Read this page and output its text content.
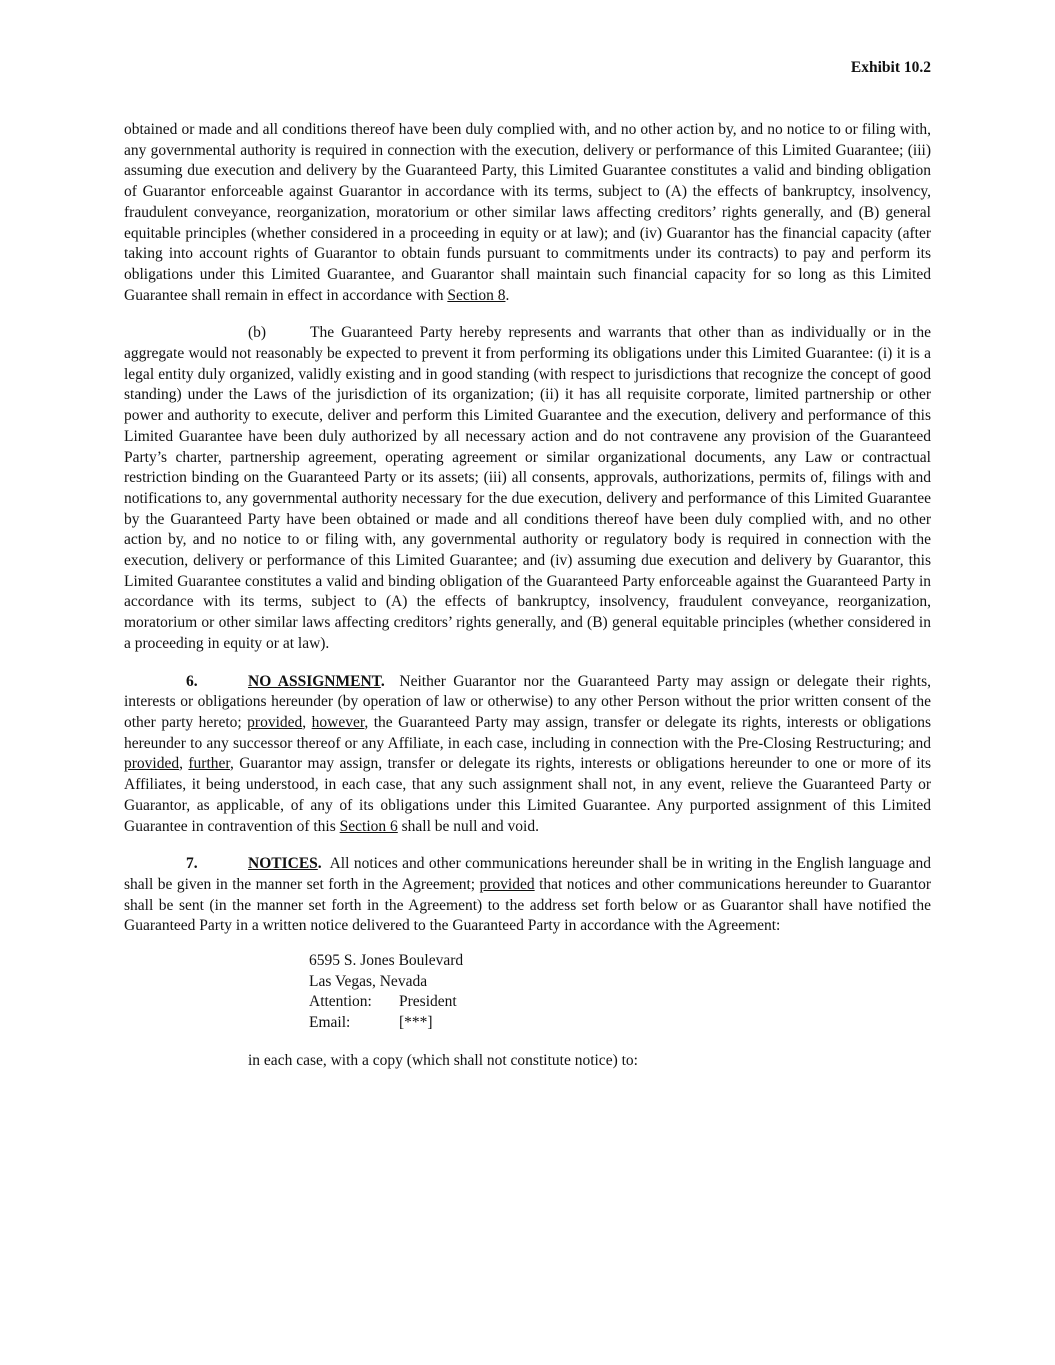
Exhibit 10.2

obtained or made and all conditions thereof have been duly complied with, and no other action by, and no notice to or filing with, any governmental authority is required in connection with the execution, delivery or performance of this Limited Guarantee; (iii) assuming due execution and delivery by the Guaranteed Party, this Limited Guarantee constitutes a valid and binding obligation of Guarantor enforceable against Guarantor in accordance with its terms, subject to (A) the effects of bankruptcy, insolvency, fraudulent conveyance, reorganization, moratorium or other similar laws affecting creditors’ rights generally, and (B) general equitable principles (whether considered in a proceeding in equity or at law); and (iv) Guarantor has the financial capacity (after taking into account rights of Guarantor to obtain funds pursuant to commitments under its contracts) to pay and perform its obligations under this Limited Guarantee, and Guarantor shall maintain such financial capacity for so long as this Limited Guarantee shall remain in effect in accordance with Section 8.

(b)	The Guaranteed Party hereby represents and warrants that other than as individually or in the aggregate would not reasonably be expected to prevent it from performing its obligations under this Limited Guarantee: (i) it is a legal entity duly organized, validly existing and in good standing (with respect to jurisdictions that recognize the concept of good standing) under the Laws of the jurisdiction of its organization; (ii) it has all requisite corporate, limited partnership or other power and authority to execute, deliver and perform this Limited Guarantee and the execution, delivery and performance of this Limited Guarantee have been duly authorized by all necessary action and do not contravene any provision of the Guaranteed Party’s charter, partnership agreement, operating agreement or similar organizational documents, any Law or contractual restriction binding on the Guaranteed Party or its assets; (iii) all consents, approvals, authorizations, permits of, filings with and notifications to, any governmental authority necessary for the due execution, delivery and performance of this Limited Guarantee by the Guaranteed Party have been obtained or made and all conditions thereof have been duly complied with, and no other action by, and no notice to or filing with, any governmental authority or regulatory body is required in connection with the execution, delivery or performance of this Limited Guarantee; and (iv) assuming due execution and delivery by Guarantor, this Limited Guarantee constitutes a valid and binding obligation of the Guaranteed Party enforceable against the Guaranteed Party in accordance with its terms, subject to (A) the effects of bankruptcy, insolvency, fraudulent conveyance, reorganization, moratorium or other similar laws affecting creditors’ rights generally, and (B) general equitable principles (whether considered in a proceeding in equity or at law).

6.	NO ASSIGNMENT. Neither Guarantor nor the Guaranteed Party may assign or delegate their rights, interests or obligations hereunder (by operation of law or otherwise) to any other Person without the prior written consent of the other party hereto; provided, however, the Guaranteed Party may assign, transfer or delegate its rights, interests or obligations hereunder to any successor thereof or any Affiliate, in each case, including in connection with the Pre-Closing Restructuring; and provided, further, Guarantor may assign, transfer or delegate its rights, interests or obligations hereunder to one or more of its Affiliates, it being understood, in each case, that any such assignment shall not, in any event, relieve the Guaranteed Party or Guarantor, as applicable, of any of its obligations under this Limited Guarantee. Any purported assignment of this Limited Guarantee in contravention of this Section 6 shall be null and void.

7.	NOTICES. All notices and other communications hereunder shall be in writing in the English language and shall be given in the manner set forth in the Agreement; provided that notices and other communications hereunder to Guarantor shall be sent (in the manner set forth in the Agreement) to the address set forth below or as Guarantor shall have notified the Guaranteed Party in a written notice delivered to the Guaranteed Party in accordance with the Agreement:

6595 S. Jones Boulevard
Las Vegas, Nevada
Attention: President
Email:	[***]
in each case, with a copy (which shall not constitute notice) to:
